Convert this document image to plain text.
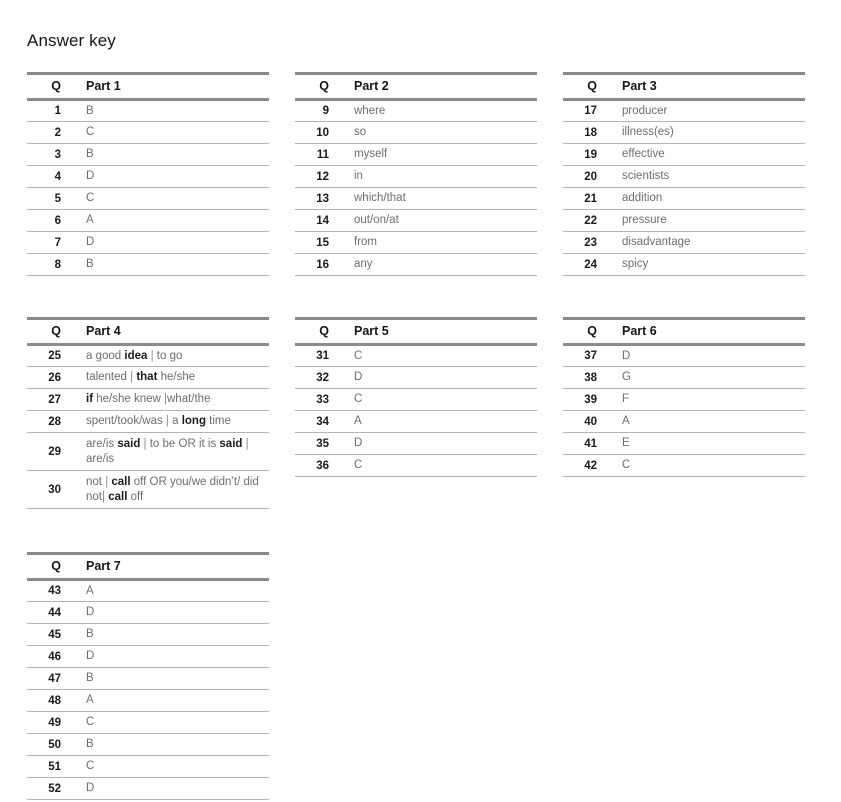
Answer key
Q	Part 1
1	B
2	C
3	B
4	D
5	C
6	A
7	D
8	B
Q	Part 2
9	where
10	so
11	myself
12	in
13	which/that
14	out/on/at
15	from
16	any
Q	Part 3
17	producer
18	illness(es)
19	effective
20	scientists
21	addition
22	pressure
23	disadvantage
24	spicy
Q	Part 4
25	a good idea | to go
26	talented | that he/she
27	if he/she knew |what/the
28	spent/took/was | a long time
29	are/is said | to be OR it is said | are/is
30	not | call off OR you/we didn’t/ did not| call off
Q	Part 5
31	C
32	D
33	C
34	A
35	D
36	C
Q	Part 6
37	D
38	G
39	F
40	A
41	E
42	C
Q	Part 7
43	A
44	D
45	B
46	D
47	B
48	A
49	C
50	B
51	C
52	D
